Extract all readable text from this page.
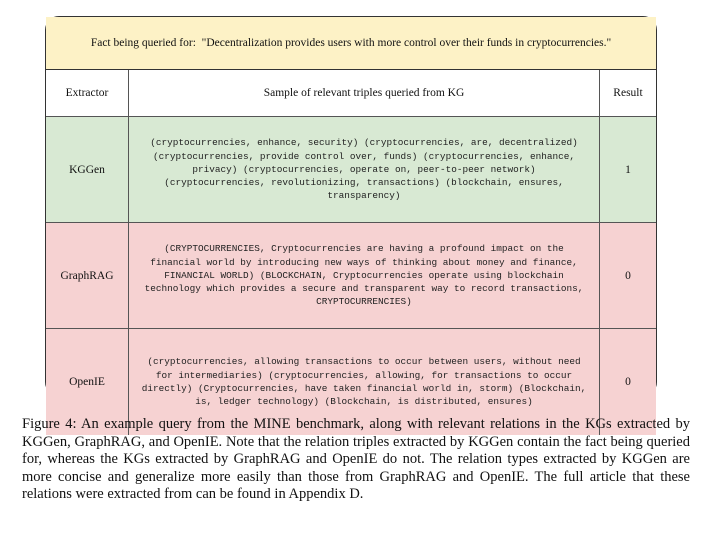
Fact being queried for:
"Decentralization provides users with more control over their funds in cryptocurrencies."
Extractor	Sample of relevant triples queried from KG	Result
KGGen	(cryptocurrencies, enhance, security) (cryptocurrencies, are, decentralized) (cryptocurrencies, provide control over, funds) (cryptocurrencies, enhance, privacy) (cryptocurrencies, operate on, peer-to-peer network) (cryptocurrencies, revolutionizing, transactions) (blockchain, ensures, transparency)	1
GraphRAG	(CRYPTOCURRENCIES, Cryptocurrencies are having a profound impact on the financial world by introducing new ways of thinking about money and finance, FINANCIAL WORLD) (BLOCKCHAIN, Cryptocurrencies operate using blockchain technology which provides a secure and transparent way to record transactions, CRYPTOCURRENCIES)	0
OpenIE	(cryptocurrencies, allowing transactions to occur between users, without need for intermediaries) (cryptocurrencies, allowing, for transactions to occur directly) (Cryptocurrencies, have taken financial world in, storm) (Blockchain, is, ledger technology) (Blockchain, is distributed, ensures)	0
Figure 4: An example query from the MINE benchmark, along with relevant relations in the KGs extracted by KGGen, GraphRAG, and OpenIE. Note that the relation triples extracted by KGGen contain the fact being queried for, whereas the KGs extracted by GraphRAG and OpenIE do not. The relation types extracted by KGGen are more concise and generalize more easily than those from GraphRAG and OpenIE. The full article that these relations were extracted from can be found in Appendix D.
